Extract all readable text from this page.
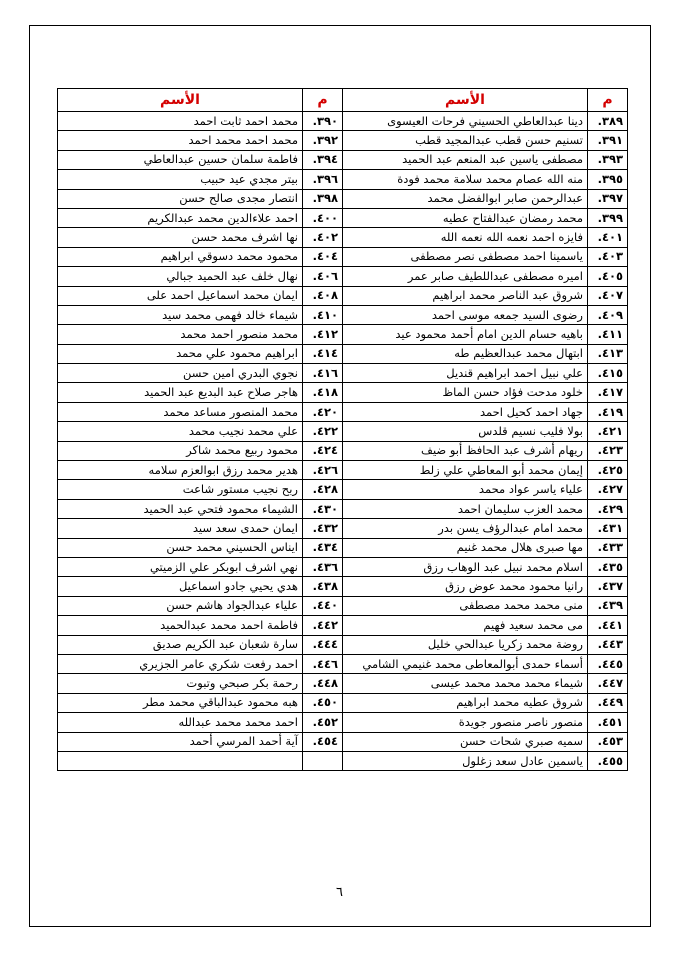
م	الأسم	م	الأسم
٣٨٩.	دينا عبدالعاطي الحسيني فرحات العيسوى	٣٩٠.	محمد احمد ثابت احمد
٣٩١.	تسنيم حسن قطب عبدالمجيد قطب	٣٩٢.	محمد احمد محمد احمد
٣٩٣.	مصطفى ياسين عبد المنعم عبد الحميد	٣٩٤.	فاطمة سلمان حسين عبدالعاطي
٣٩٥.	منه الله عصام محمد سلامة محمد فودة	٣٩٦.	بيتر مجدي عيد حبيب
٣٩٧.	عبدالرحمن صابر ابوالفضل محمد	٣٩٨.	انتصار مجدى صالح حسن
٣٩٩.	محمد رمضان عبدالفتاح عطيه	٤٠٠.	احمد علاءالدين محمد عبدالكريم
٤٠١.	فايزه احمد نعمه الله نعمه الله	٤٠٢.	نها اشرف محمد حسن
٤٠٣.	ياسمينا احمد مصطفى نصر مصطفى	٤٠٤.	محمود محمد دسوقي ابراهيم
٤٠٥.	اميره مصطفى عبداللطيف صابر عمر	٤٠٦.	نهال خلف عبد الحميد جبالي
٤٠٧.	شروق عبد الناصر محمد ابراهيم	٤٠٨.	ايمان محمد اسماعيل احمد على
٤٠٩.	رضوى السيد جمعه موسى احمد	٤١٠.	شيماء خالد فهمى محمد سيد
٤١١.	باهيه حسام الدين امام أحمد محمود عيد	٤١٢.	محمد منصور احمد محمد
٤١٣.	ابتهال محمد عبدالعظيم طه	٤١٤.	ابراهيم محمود علي محمد
٤١٥.	علي نبيل احمد ابراهيم قنديل	٤١٦.	نجوي البدري امين حسن
٤١٧.	خلود مدحت فؤاد حسن الماظ	٤١٨.	هاجر صلاح عبد البديع عبد الحميد
٤١٩.	جهاد احمد كحيل احمد	٤٢٠.	محمد المنصور مساعد محمد
٤٢١.	بولا فليب نسيم قلدس	٤٢٢.	علي محمد نجيب محمد
٤٢٣.	ريهام أشرف عبد الحافظ أبو ضيف	٤٢٤.	محمود ربيع محمد شاكر
٤٢٥.	إيمان محمد أبو المعاطي علي زلط	٤٢٦.	هدير محمد رزق ابوالعزم سلامه
٤٢٧.	علياء ياسر عواد محمد	٤٢٨.	ربح نجيب مستور شاعت
٤٢٩.	محمد العزب سليمان احمد	٤٣٠.	الشيماء محمود فتحي عبد الحميد
٤٣١.	محمد امام عبدالرؤف يسن بدر	٤٣٢.	ايمان حمدى سعد سيد
٤٣٣.	مها صبرى هلال محمد غنيم	٤٣٤.	ايناس الحسيني محمد حسن
٤٣٥.	اسلام محمد نبيل عبد الوهاب رزق	٤٣٦.	نهي اشرف ابوبكر علي الزميتي
٤٣٧.	رانيا محمود محمد عوض رزق	٤٣٨.	هدي يحيي جادو اسماعيل
٤٣٩.	منى محمد محمد مصطفى	٤٤٠.	علياء عبدالجواد هاشم حسن
٤٤١.	مى محمد سعيد فهيم	٤٤٢.	فاطمة احمد محمد عبدالحميد
٤٤٣.	روضة محمد زكريا عبدالحي خليل	٤٤٤.	سارة شعبان عبد الكريم صديق
٤٤٥.	أسماء حمدى أبوالمعاطى محمد غنيمي الشامي	٤٤٦.	احمد رفعت شكري عامر الجزيري
٤٤٧.	شيماء محمد محمد محمد عيسى	٤٤٨.	رحمة بكر صبحي وتبوت
٤٤٩.	شروق عطيه محمد ابراهيم	٤٥٠.	هبه محمود عبدالباقي محمد مطر
٤٥١.	منصور ناصر منصور جويدة	٤٥٢.	احمد محمد محمد عبدالله
٤٥٣.	سميه صبري شحات حسن	٤٥٤.	آية أحمد المرسي أحمد
٤٥٥.	ياسمين عادل سعد زغلول		
٦
